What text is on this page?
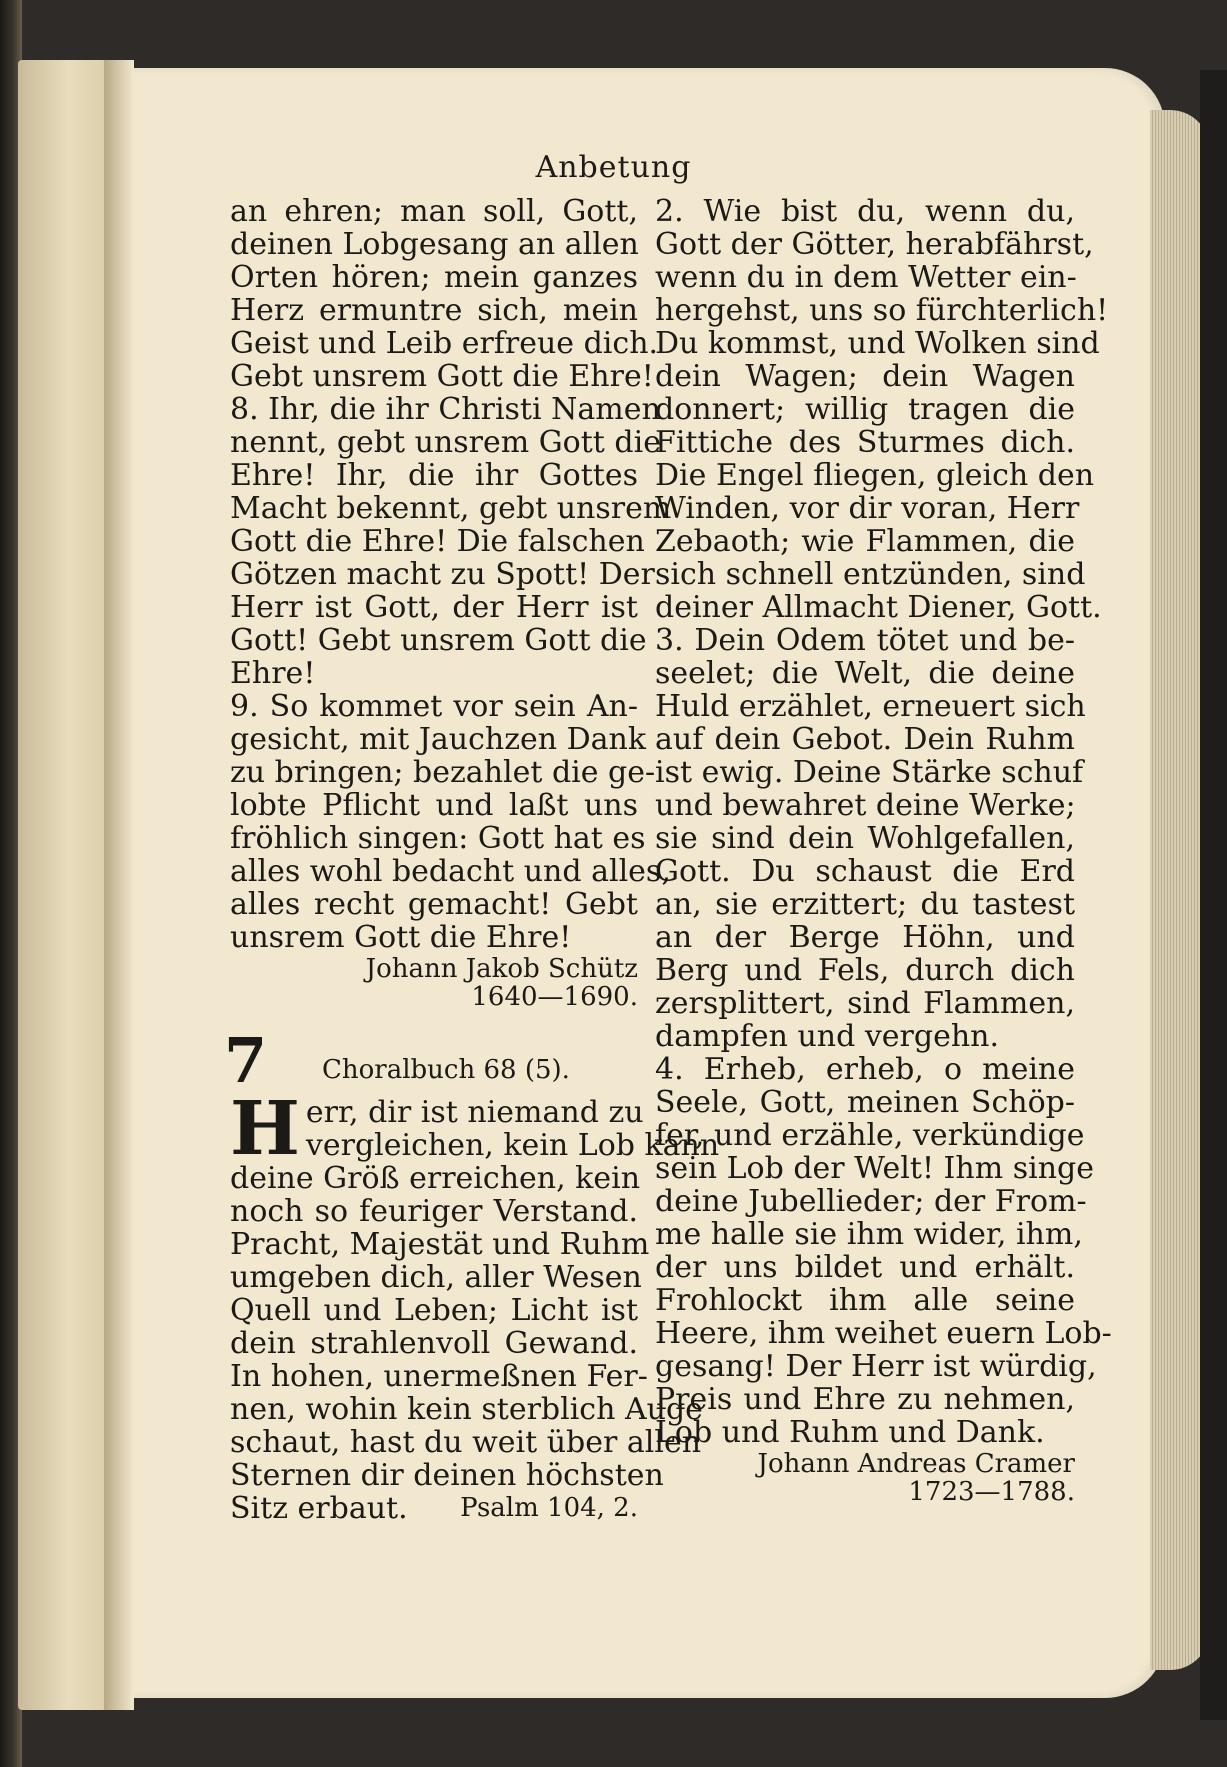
Anbetung
an ehren; man soll, Gott,
deinen Lobgesang an allen
Orten hören; mein ganzes
Herz ermuntre sich, mein
Geist und Leib erfreue dich.
Gebt unsrem Gott die Ehre!
8. Ihr, die ihr Christi Namen
nennt, gebt unsrem Gott die
Ehre! Ihr, die ihr Gottes
Macht bekennt, gebt unsrem
Gott die Ehre! Die falschen
Götzen macht zu Spott! Der
Herr ist Gott, der Herr ist
Gott! Gebt unsrem Gott die
Ehre!
9. So kommet vor sein An-
gesicht, mit Jauchzen Dank
zu bringen; bezahlet die ge-
lobte Pflicht und laßt uns
fröhlich singen: Gott hat es
alles wohl bedacht und alles,
alles recht gemacht! Gebt
unsrem Gott die Ehre!
Johann Jakob Schütz
1640—1690.
7 Choralbuch 68 (5).
H err, dir ist niemand zu
vergleichen, kein Lob kann
deine Größ erreichen, kein
noch so feuriger Verstand.
Pracht, Majestät und Ruhm
umgeben dich, aller Wesen
Quell und Leben; Licht ist
dein strahlenvoll Gewand.
In hohen, unermeßnen Fer-
nen, wohin kein sterblich Auge
schaut, hast du weit über allen
Sternen dir deinen höchsten
Sitz erbaut. Psalm 104, 2.
2. Wie bist du, wenn du,
Gott der Götter, herabfährst,
wenn du in dem Wetter ein-
hergehst, uns so fürchterlich!
Du kommst, und Wolken sind
dein Wagen; dein Wagen
donnert; willig tragen die
Fittiche des Sturmes dich.
Die Engel fliegen, gleich den
Winden, vor dir voran, Herr
Zebaoth; wie Flammen, die
sich schnell entzünden, sind
deiner Allmacht Diener, Gott.
3. Dein Odem tötet und be-
seelet; die Welt, die deine
Huld erzählet, erneuert sich
auf dein Gebot. Dein Ruhm
ist ewig. Deine Stärke schuf
und bewahret deine Werke;
sie sind dein Wohlgefallen,
Gott. Du schaust die Erd
an, sie erzittert; du tastest
an der Berge Höhn, und
Berg und Fels, durch dich
zersplittert, sind Flammen,
dampfen und vergehn.
4. Erheb, erheb, o meine
Seele, Gott, meinen Schöp-
fer, und erzähle, verkündige
sein Lob der Welt! Ihm singe
deine Jubellieder; der From-
me halle sie ihm wider, ihm,
der uns bildet und erhält.
Frohlockt ihm alle seine
Heere, ihm weihet euern Lob-
gesang! Der Herr ist würdig,
Preis und Ehre zu nehmen,
Lob und Ruhm und Dank.
Johann Andreas Cramer
1723—1788.
